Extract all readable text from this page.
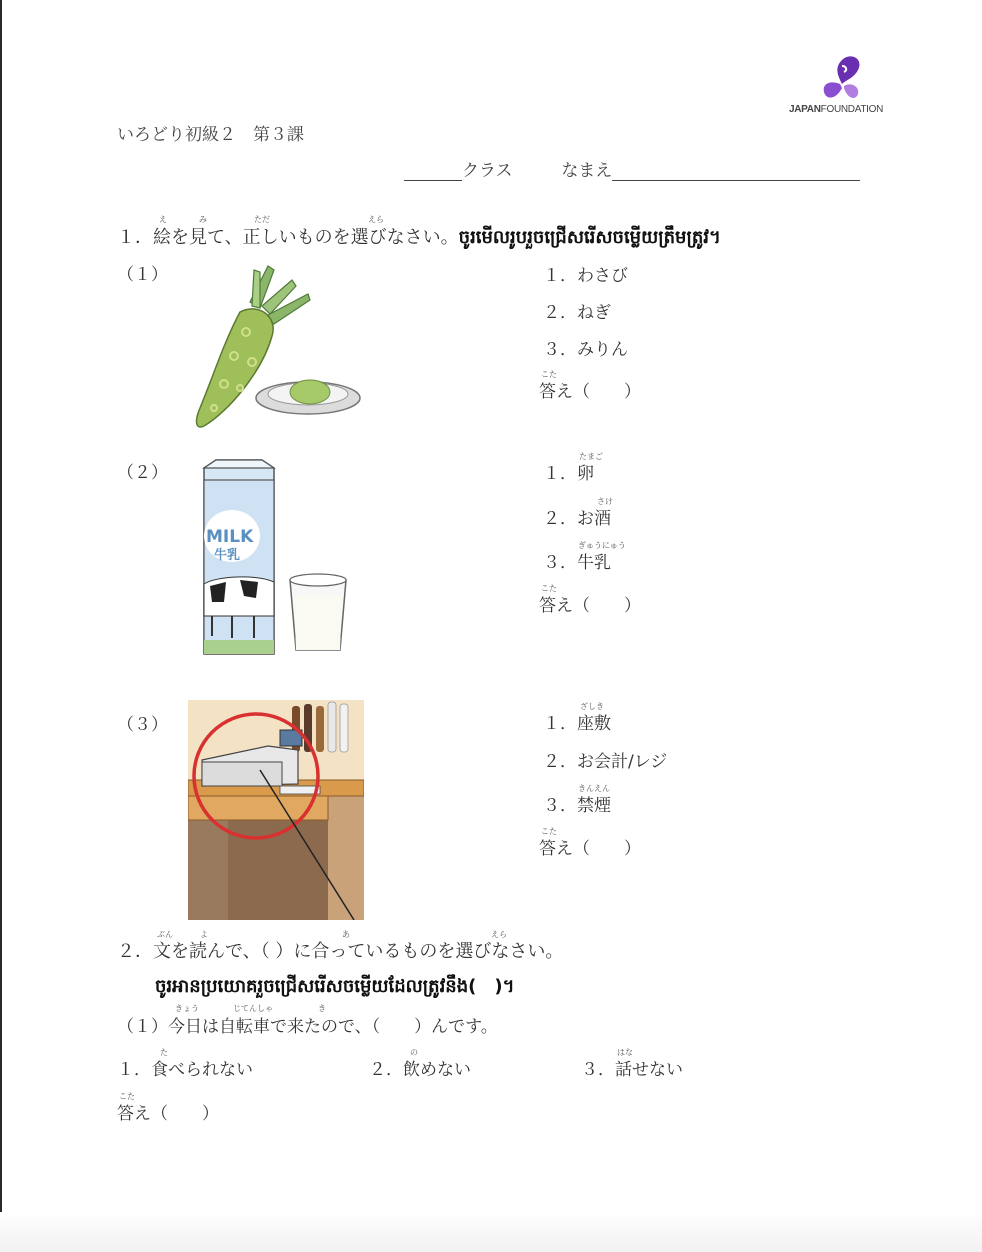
JAPANFOUNDATION
いろどり初級２　第３課
クラス	なまえ
え	み	ただ	えら
１．絵を見て、正しいものを選びなさい。ចូរមើលរូបរួចជ្រើសរើសចម្លើយត្រឹមត្រូវ។
（１）	１．わさび
２．ねぎ
３．みりん
こた
答え（　　）
（２）
MILK
牛乳
たまご
１．卵
さけ
２．お酒
ぎゅうにゅう
３．牛乳
こた
答え（　　）
（３）
ざしき
１．座敷
２．お会計/レジ
きんえん
３．禁煙
こた
答え（　　）
ぶん	よ	あ	えら
２．文を読んで、（ ）に合っているものを選びなさい。
ចូរអានប្រយោគរួចជ្រើសរើសចម្លើយដែលត្រូវនឹង(　)។
きょう	じてんしゃ	き
（１）今日は自転車で来たので、（　　）んです。
た	の	はな
１．食べられない	２．飲めない	３．話せない
こた
答え（　　）
